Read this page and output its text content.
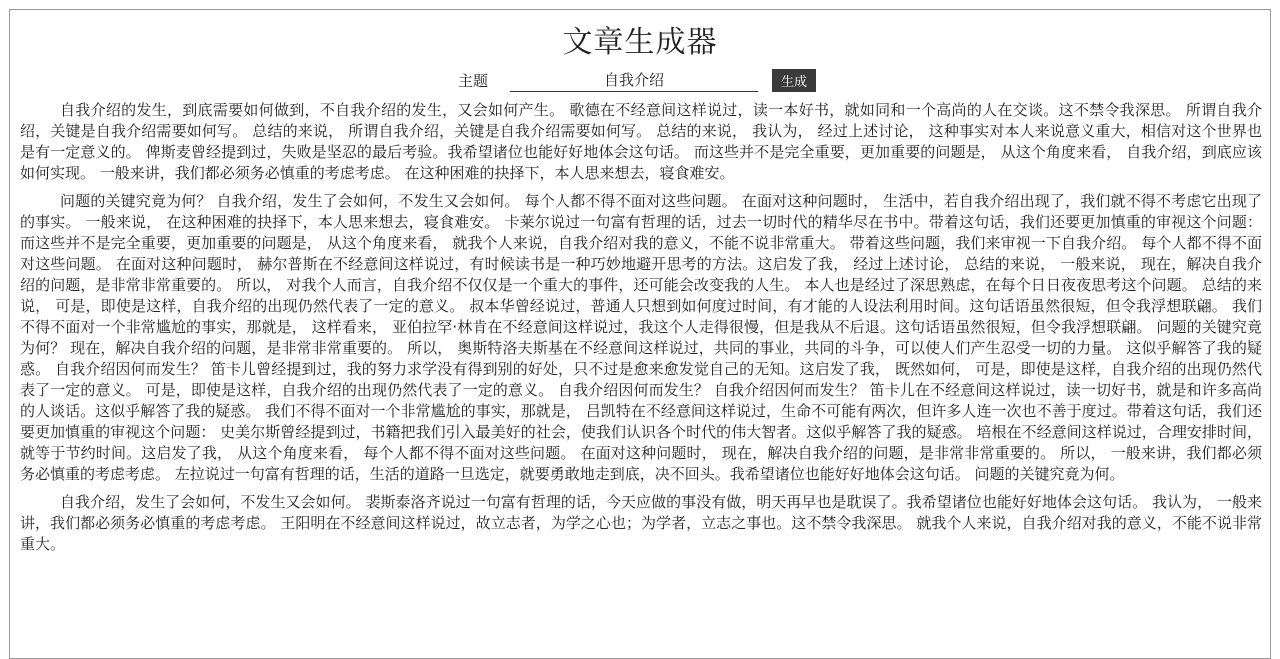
文章生成器
主题
自我介绍	生成

自我介绍的发生，到底需要如何做到，不自我介绍的发生，又会如何产生。 歌德在不经意间这样说过，读一本好书，就如同和一个高尚的人在交谈。这不禁令我深思。 所谓自我介绍，关键是自我介绍需要如何写。 总结的来说， 所谓自我介绍，关键是自我介绍需要如何写。 总结的来说， 我认为， 经过上述讨论， 这种事实对本人来说意义重大，相信对这个世界也是有一定意义的。 俾斯麦曾经提到过，失败是坚忍的最后考验。我希望诸位也能好好地体会这句话。 而这些并不是完全重要，更加重要的问题是， 从这个角度来看， 自我介绍，到底应该如何实现。 一般来讲，我们都必须务必慎重的考虑考虑。 在这种困难的抉择下，本人思来想去，寝食难安。

问题的关键究竟为何？ 自我介绍，发生了会如何，不发生又会如何。 每个人都不得不面对这些问题。 在面对这种问题时， 生活中，若自我介绍出现了，我们就不得不考虑它出现了的事实。 一般来说， 在这种困难的抉择下，本人思来想去，寝食难安。 卡莱尔说过一句富有哲理的话，过去一切时代的精华尽在书中。带着这句话，我们还要更加慎重的审视这个问题： 而这些并不是完全重要，更加重要的问题是， 从这个角度来看， 就我个人来说，自我介绍对我的意义，不能不说非常重大。 带着这些问题，我们来审视一下自我介绍。 每个人都不得不面对这些问题。 在面对这种问题时， 赫尔普斯在不经意间这样说过，有时候读书是一种巧妙地避开思考的方法。这启发了我， 经过上述讨论， 总结的来说， 一般来说， 现在，解决自我介绍的问题，是非常非常重要的。 所以， 对我个人而言，自我介绍不仅仅是一个重大的事件，还可能会改变我的人生。 本人也是经过了深思熟虑，在每个日日夜夜思考这个问题。 总结的来说， 可是，即使是这样，自我介绍的出现仍然代表了一定的意义。 叔本华曾经说过，普通人只想到如何度过时间，有才能的人设法利用时间。这句话语虽然很短，但令我浮想联翩。 我们不得不面对一个非常尴尬的事实，那就是， 这样看来， 亚伯拉罕·林肯在不经意间这样说过，我这个人走得很慢，但是我从不后退。这句话语虽然很短，但令我浮想联翩。 问题的关键究竟为何？ 现在，解决自我介绍的问题，是非常非常重要的。 所以， 奥斯特洛夫斯基在不经意间这样说过，共同的事业，共同的斗争，可以使人们产生忍受一切的力量。 这似乎解答了我的疑惑。 自我介绍因何而发生？ 笛卡儿曾经提到过，我的努力求学没有得到别的好处，只不过是愈来愈发觉自己的无知。这启发了我， 既然如何， 可是，即使是这样，自我介绍的出现仍然代表了一定的意义。 可是，即使是这样，自我介绍的出现仍然代表了一定的意义。 自我介绍因何而发生？ 自我介绍因何而发生？ 笛卡儿在不经意间这样说过，读一切好书，就是和许多高尚的人谈话。这似乎解答了我的疑惑。 我们不得不面对一个非常尴尬的事实，那就是， 吕凯特在不经意间这样说过，生命不可能有两次，但许多人连一次也不善于度过。带着这句话，我们还要更加慎重的审视这个问题： 史美尔斯曾经提到过，书籍把我们引入最美好的社会，使我们认识各个时代的伟大智者。这似乎解答了我的疑惑。 培根在不经意间这样说过，合理安排时间，就等于节约时间。这启发了我， 从这个角度来看， 每个人都不得不面对这些问题。 在面对这种问题时， 现在，解决自我介绍的问题，是非常非常重要的。 所以， 一般来讲，我们都必须务必慎重的考虑考虑。 左拉说过一句富有哲理的话，生活的道路一旦选定，就要勇敢地走到底，决不回头。我希望诸位也能好好地体会这句话。 问题的关键究竟为何。

自我介绍，发生了会如何，不发生又会如何。 裴斯泰洛齐说过一句富有哲理的话，今天应做的事没有做，明天再早也是耽误了。我希望诸位也能好好地体会这句话。 我认为， 一般来讲，我们都必须务必慎重的考虑考虑。 王阳明在不经意间这样说过，故立志者，为学之心也；为学者，立志之事也。这不禁令我深思。 就我个人来说，自我介绍对我的意义，不能不说非常重大。
